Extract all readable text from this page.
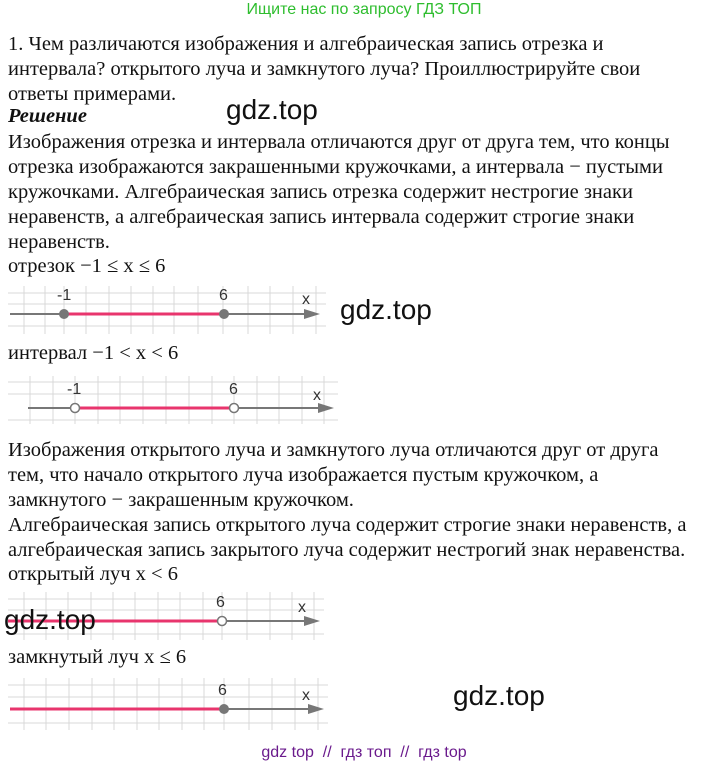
Ищите нас по запросу ГДЗ ТОП
1. Чем различаются изображения и алгебраическая запись отрезка и
интервала? открытого луча и замкнутого луча? Проиллюстрируйте свои
ответы примерами.
Решение	gdz.top
Изображения отрезка и интервала отличаются друг от друга тем, что концы
отрезка изображаются закрашенными кружочками, а интервала − пустыми
кружочками. Алгебраическая запись отрезка содержит нестрогие знаки
неравенств, а алгебраическая запись интервала содержит строгие знаки
неравенств.
отрезок −1 ≤ x ≤ 6
-1	6	x gdz.top
интервал −1 < x < 6
-1	6	x
Изображения открытого луча и замкнутого луча отличаются друг от друга
тем, что начало открытого луча изображается пустым кружочком, а
замкнутого − закрашенным кружочком.
Алгебраическая запись открытого луча содержит строгие знаки неравенств, а
алгебраическая запись закрытого луча содержит нестрогий знак неравенства.
открытый луч x < 6
6	x
gdz.top
замкнутый луч x ≤ 6
6	x	gdz.top
gdz top  //  гдз топ  //  гдз top
